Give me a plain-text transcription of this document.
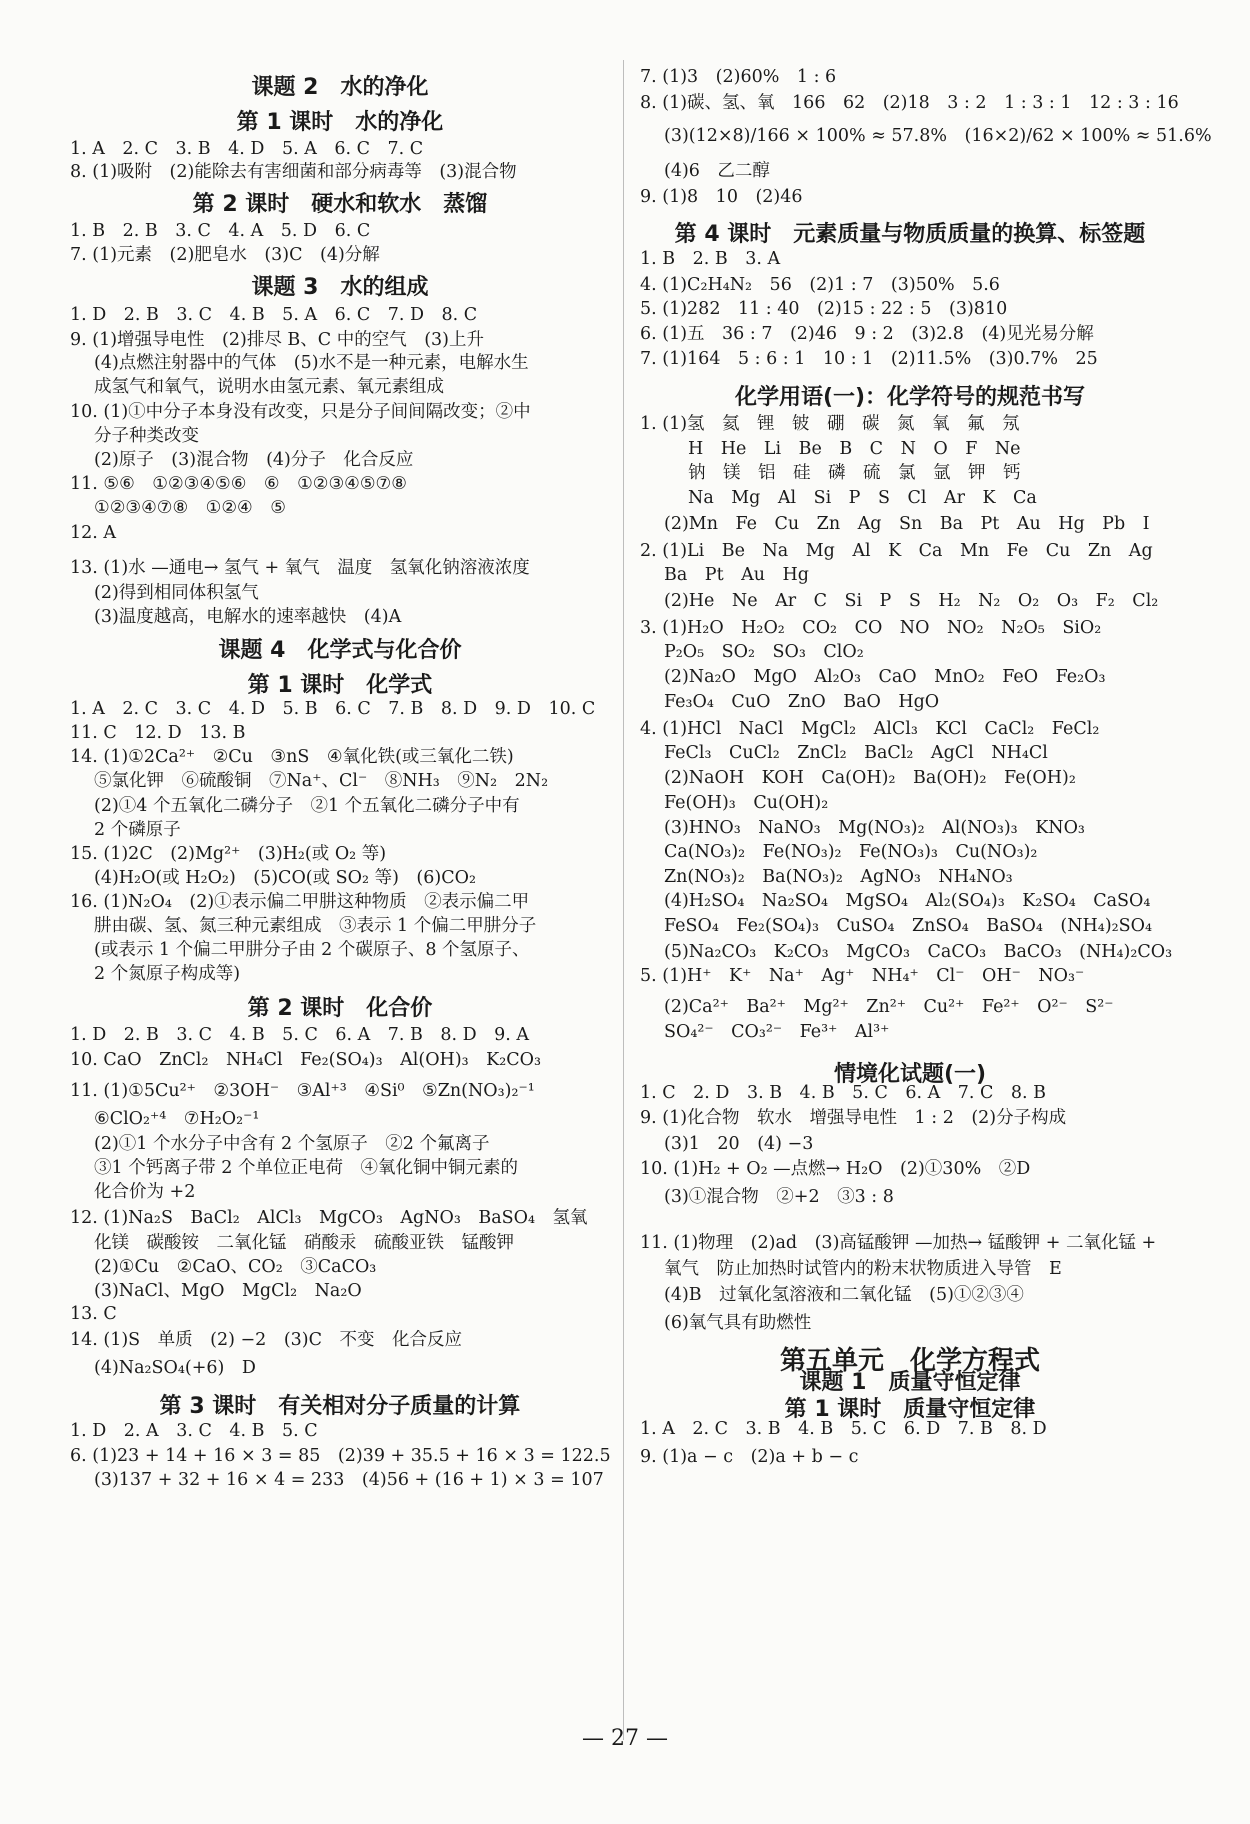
课题 2　水的净化
第 1 课时　水的净化
1. A　2. C　3. B　4. D　5. A　6. C　7. C
8. (1)吸附　(2)能除去有害细菌和部分病毒等　(3)混合物
第 2 课时　硬水和软水　蒸馏
1. B　2. B　3. C　4. A　5. D　6. C
7. (1)元素　(2)肥皂水　(3)C　(4)分解
课题 3　水的组成
1. D　2. B　3. C　4. B　5. A　6. C　7. D　8. C
9. (1)增强导电性　(2)排尽 B、C 中的空气　(3)上升
(4)点燃注射器中的气体　(5)水不是一种元素，电解水生
成氢气和氧气，说明水由氢元素、氧元素组成
10. (1)①中分子本身没有改变，只是分子间间隔改变；②中
分子种类改变
(2)原子　(3)混合物　(4)分子　化合反应
11. ⑤⑥　①②③④⑤⑥　⑥　①②③④⑤⑦⑧
①②③④⑦⑧　①②④　⑤
12. A
13. (1)水 —通电→ 氢气 + 氧气　温度　氢氧化钠溶液浓度
(2)得到相同体积氢气
(3)温度越高，电解水的速率越快　(4)A
课题 4　化学式与化合价
第 1 课时　化学式
1. A　2. C　3. C　4. D　5. B　6. C　7. B　8. D　9. D　10. C
11. C　12. D　13. B
14. (1)①2Ca²⁺　②Cu　③nS　④氧化铁(或三氧化二铁)
⑤氯化钾　⑥硫酸铜　⑦Na⁺、Cl⁻　⑧NH₃　⑨N₂　2N₂
(2)①4 个五氧化二磷分子　②1 个五氧化二磷分子中有
2 个磷原子
15. (1)2C　(2)Mg²⁺　(3)H₂(或 O₂ 等)
(4)H₂O(或 H₂O₂)　(5)CO(或 SO₂ 等)　(6)CO₂
16. (1)N₂O₄　(2)①表示偏二甲肼这种物质　②表示偏二甲
肼由碳、氢、氮三种元素组成　③表示 1 个偏二甲肼分子
(或表示 1 个偏二甲肼分子由 2 个碳原子、8 个氢原子、
2 个氮原子构成等)
第 2 课时　化合价
1. D　2. B　3. C　4. B　5. C　6. A　7. B　8. D　9. A
10. CaO　ZnCl₂　NH₄Cl　Fe₂(SO₄)₃　Al(OH)₃　K₂CO₃
11. (1)①5Cu²⁺　②3OH⁻　③Al⁺³　④Si⁰　⑤Zn(NO₃)₂⁻¹
⑥ClO₂⁺⁴　⑦H₂O₂⁻¹
(2)①1 个水分子中含有 2 个氢原子　②2 个氟离子
③1 个钙离子带 2 个单位正电荷　④氧化铜中铜元素的
化合价为 +2
12. (1)Na₂S　BaCl₂　AlCl₃　MgCO₃　AgNO₃　BaSO₄　氢氧
化镁　碳酸铵　二氧化锰　硝酸汞　硫酸亚铁　锰酸钾
(2)①Cu　②CaO、CO₂　③CaCO₃
(3)NaCl、MgO　MgCl₂　Na₂O
13. C
14. (1)S　单质　(2) −2　(3)C　不变　化合反应
(4)Na₂SO₄(+6)　D
第 3 课时　有关相对分子质量的计算
1. D　2. A　3. C　4. B　5. C
6. (1)23 + 14 + 16 × 3 = 85　(2)39 + 35.5 + 16 × 3 = 122.5
(3)137 + 32 + 16 × 4 = 233　(4)56 + (16 + 1) × 3 = 107
7. (1)3　(2)60%　1 : 6
8. (1)碳、氢、氧　166　62　(2)18　3 : 2　1 : 3 : 1　12 : 3 : 16
(3)(12×8)/166 × 100% ≈ 57.8%　(16×2)/62 × 100% ≈ 51.6%
(4)6　乙二醇
9. (1)8　10　(2)46
第 4 课时　元素质量与物质质量的换算、标签题
1. B　2. B　3. A
4. (1)C₂H₄N₂　56　(2)1 : 7　(3)50%　5.6
5. (1)282　11 : 40　(2)15 : 22 : 5　(3)810
6. (1)五　36 : 7　(2)46　9 : 2　(3)2.8　(4)见光易分解
7. (1)164　5 : 6 : 1　10 : 1　(2)11.5%　(3)0.7%　25
化学用语(一)：化学符号的规范书写
1. (1)氢　氦　锂　铍　硼　碳　氮　氧　氟　氖
H　He　Li　Be　B　C　N　O　F　Ne
钠　镁　铝　硅　磷　硫　氯　氩　钾　钙
Na　Mg　Al　Si　P　S　Cl　Ar　K　Ca
(2)Mn　Fe　Cu　Zn　Ag　Sn　Ba　Pt　Au　Hg　Pb　I
2. (1)Li　Be　Na　Mg　Al　K　Ca　Mn　Fe　Cu　Zn　Ag
Ba　Pt　Au　Hg
(2)He　Ne　Ar　C　Si　P　S　H₂　N₂　O₂　O₃　F₂　Cl₂
3. (1)H₂O　H₂O₂　CO₂　CO　NO　NO₂　N₂O₅　SiO₂
P₂O₅　SO₂　SO₃　ClO₂
(2)Na₂O　MgO　Al₂O₃　CaO　MnO₂　FeO　Fe₂O₃
Fe₃O₄　CuO　ZnO　BaO　HgO
4. (1)HCl　NaCl　MgCl₂　AlCl₃　KCl　CaCl₂　FeCl₂
FeCl₃　CuCl₂　ZnCl₂　BaCl₂　AgCl　NH₄Cl
(2)NaOH　KOH　Ca(OH)₂　Ba(OH)₂　Fe(OH)₂
Fe(OH)₃　Cu(OH)₂
(3)HNO₃　NaNO₃　Mg(NO₃)₂　Al(NO₃)₃　KNO₃
Ca(NO₃)₂　Fe(NO₃)₂　Fe(NO₃)₃　Cu(NO₃)₂
Zn(NO₃)₂　Ba(NO₃)₂　AgNO₃　NH₄NO₃
(4)H₂SO₄　Na₂SO₄　MgSO₄　Al₂(SO₄)₃　K₂SO₄　CaSO₄
FeSO₄　Fe₂(SO₄)₃　CuSO₄　ZnSO₄　BaSO₄　(NH₄)₂SO₄
(5)Na₂CO₃　K₂CO₃　MgCO₃　CaCO₃　BaCO₃　(NH₄)₂CO₃
5. (1)H⁺　K⁺　Na⁺　Ag⁺　NH₄⁺　Cl⁻　OH⁻　NO₃⁻
(2)Ca²⁺　Ba²⁺　Mg²⁺　Zn²⁺　Cu²⁺　Fe²⁺　O²⁻　S²⁻
SO₄²⁻　CO₃²⁻　Fe³⁺　Al³⁺
情境化试题(一)
1. C　2. D　3. B　4. B　5. C　6. A　7. C　8. B
9. (1)化合物　软水　增强导电性　1 : 2　(2)分子构成
(3)1　20　(4) −3
10. (1)H₂ + O₂ —点燃→ H₂O　(2)①30%　②D
(3)①混合物　②+2　③3 : 8
11. (1)物理　(2)ad　(3)高锰酸钾 —加热→ 锰酸钾 + 二氧化锰 +
氧气　防止加热时试管内的粉末状物质进入导管　E
(4)B　过氧化氢溶液和二氧化锰　(5)①②③④
(6)氧气具有助燃性
第五单元　化学方程式
课题 1　质量守恒定律
第 1 课时　质量守恒定律
1. A　2. C　3. B　4. B　5. C　6. D　7. B　8. D
9. (1)a − c　(2)a + b − c
— 27 —
